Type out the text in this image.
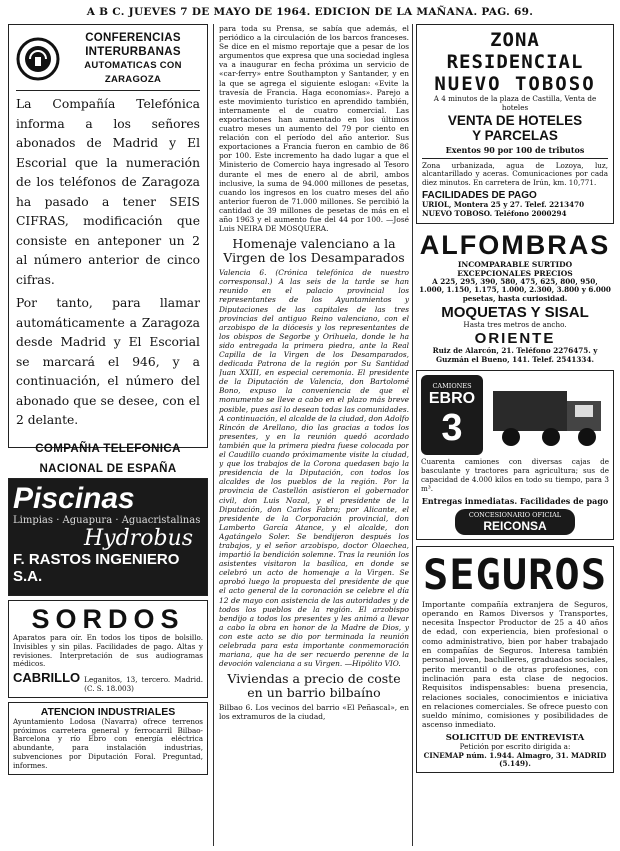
A B C. JUEVES 7 DE MAYO DE 1964. EDICION DE LA MAÑANA. PAG. 69.
CONFERENCIAS
INTERURBANAS
AUTOMATICAS CON ZARAGOZA

La Compañía Telefónica informa a los señores abonados de Madrid y El Escorial que la numeración de los teléfonos de Zaragoza ha pasado a tener SEIS CIFRAS, modificación que consiste en anteponer un 2 al número anterior de cinco cifras.

Por tanto, para llamar automáticamente a Zaragoza desde Madrid y El Escorial se marcará el 946, y a continuación, el número del abonado que se desee, con el 2 delante.

COMPAÑIA TELEFONICA NACIONAL DE ESPAÑA
Piscinas
Limpias · Aguapura · Aguacristalinas
Hydrobus
F. RASTOS INGENIERO S.A.
SORDOS
Aparatos para oír. En todos los tipos de bolsillo. Invisibles y sin pilas. Facilidades de pago. Altas y revisiones. Interpretación de sus audiogramas médicos.
CABRILLO Leganitos, 13, tercero. Madrid. (C. S. 18.003)
ATENCION INDUSTRIALES
Ayuntamiento Lodosa (Navarra) ofrece terrenos próximos carretera general y ferrocarril Bilbao-Barcelona y río Ebro con energía eléctrica abundante, para instalación industrias, subvenciones por Diputación Foral. Preguntad, informes.
para toda su Prensa, se sabía que además, el periódico a la circulación de los barcos franceses. Se dice en el mismo reportaje que a pesar de los argumentos que expresa que una sociedad inglesa va a inaugurar en fecha próxima un servicio de «car-ferry» entre Southampton y Santander, y en la que se agrega el siguiente eslogan: «Evite la travesía de Francia. Haga economías». Parejo a este movimiento turístico en aprendido también, internamente el de cuatro comercial. Las exportaciones han aumentado en los últimos cuatro meses un aumento del 79 por ciento en relación con el período del año anterior. Sus exportaciones a Francia fueron en cambio de 86 por 100. Este incremento ha dado lugar a que el Ministerio de Comercio haya ingresado al Tesoro durante el mes de enero al de abril, ambos inclusive, la suma de 94.000 millones de pesetas, cuando los ingresos en los cuatro meses del año anterior fueron de 71.000 millones. Se percibió la cantidad de 39 millones de pesetas de más en el año 1963 y el aumento fue del 44 por 100. —José Luis NEIRA DE MOSQUERA.
Homenaje valenciano a la Virgen de los Desamparados
Valencia 6. (Crónica telefónica de nuestro corresponsal.) A las seis de la tarde se han reunido en el palacio provincial los representantes de los Ayuntamientos y Diputaciones de las capitales de las tres provincias del antiguo Reino valenciano, con el arzobispo de la diócesis y los representantes de los obispos de Segorbe y Orihuela, donde le ha sido entregada la primera piedra, ante la Real Capilla de la Virgen de los Desamparados, dedicada Patrona de la región por Su Santidad Juan XXIII, en especial ceremonia. El presidente de la Diputación de Valencia, don Bartolomé Bono, expuso la conveniencia de que el monumento se lleve a cabo en el plazo más breve posible, pues así lo desean todas las comunidades. A continuación, el alcalde de la ciudad, don Adolfo Rincón de Arellano, dio las gracias a todos los presentes, y en la reunión quedó acordado también que la primera piedra fuese colocada por el Caudillo cuando próximamente visite la ciudad, y que los trabajos de la Corona quedasen bajo la presidencia de la Diputación, con todos los alcaldes de los pueblos de la región. Por la provincia de Castellón asistieron el gobernador civil, don Luis Nozal, y el presidente de la Diputación, don Carlos Fabra; por Alicante, el presidente de la Corporación provincial, don Lamberto García Atance, y el alcalde, don Agatángelo Soler. Se bendijeron después los trabajos, y el señor arzobispo, doctor Olaechea, impartió la bendición solemne. Tras la reunión los asistentes visitaron la basílica, en donde se celebró un acto de homenaje a la Virgen. Se aprobó luego la propuesta del presidente de que el acto general de la coronación se celebre el día 12 de mayo con asistencia de las autoridades y de todos los pueblos de la región. El arzobispo bendijo a todos los presentes y les animó a llevar a cabo la obra en honor de la Madre de Dios, y con este acto se dio por terminada la reunión celebrada para esta importante conmemoración mariana, que ha de ser recuerdo perenne de la devoción valenciana a su Virgen. —Hipólito VIO.
Viviendas a precio de coste en un barrio bilbaíno
Bilbao 6. Los vecinos del barrio «El Peñascal», en los extramuros de la ciudad,
ZONA RESIDENCIAL
NUEVO TOBOSO
A 4 minutos de la plaza de Castilla, Venta de hoteles
VENTA DE HOTELES
Y PARCELAS
Exentos 90 por 100 de tributos
Zona urbanizada, agua de Lozoya, luz, alcantarillado y aceras. Comunicaciones por cada diez minutos. En carretera de Irún, km. 10,771.
FACILIDADES DE PAGO
URIOL, Montera 25 y 27. Telef. 2213470
NUEVO TOBOSO. Teléfono 2000294
ALFOMBRAS
INCOMPARABLE SURTIDO
EXCEPCIONALES PRECIOS
A 225, 295, 390, 580, 475, 625, 800, 950, 1.000, 1.150, 1.175, 1.000, 2.300, 3.800 y 6.000 pesetas, hasta curiosidad.
MOQUETAS Y SISAL
Hasta tres metros de ancho.
ORIENTE
Ruiz de Alarcón, 21. Teléfono 2276475. y Guzmán el Bueno, 141. Telef. 2541334.
CAMIONES
EBRO
3
Cuarenta camiones con diversas cajas de basculante y tractores para agricultura; sus de capacidad de 4.000 kilos en todo su tiempo, para 3 m³.
Entregas inmediatas. Facilidades de pago
CONCESIONARIO OFICIAL
REICONSA
SEGUROS
Importante compañía extranjera de Seguros, operando en Ramos Diversos y Transportes, necesita Inspector Productor de 25 a 40 años de edad, con experiencia, bien profesional o como administrativo, bien por haber trabajado en compañías de Seguros. Interesa también personal joven, bachilleres, graduados sociales, perito mercantil o de otras profesiones, con inclinación para esta clase de negocios. Requisitos indispensables: buena presencia, relaciones sociales, conocimientos e iniciativa en relaciones comerciales. Se ofrece puesto con sueldo mínimo, comisiones y posibilidades de ascenso inmediato.
SOLICITUD DE ENTREVISTA
Petición por escrito dirigida a:
CINEMAP núm. 1.944. Almagro, 31. MADRID (5.149).
